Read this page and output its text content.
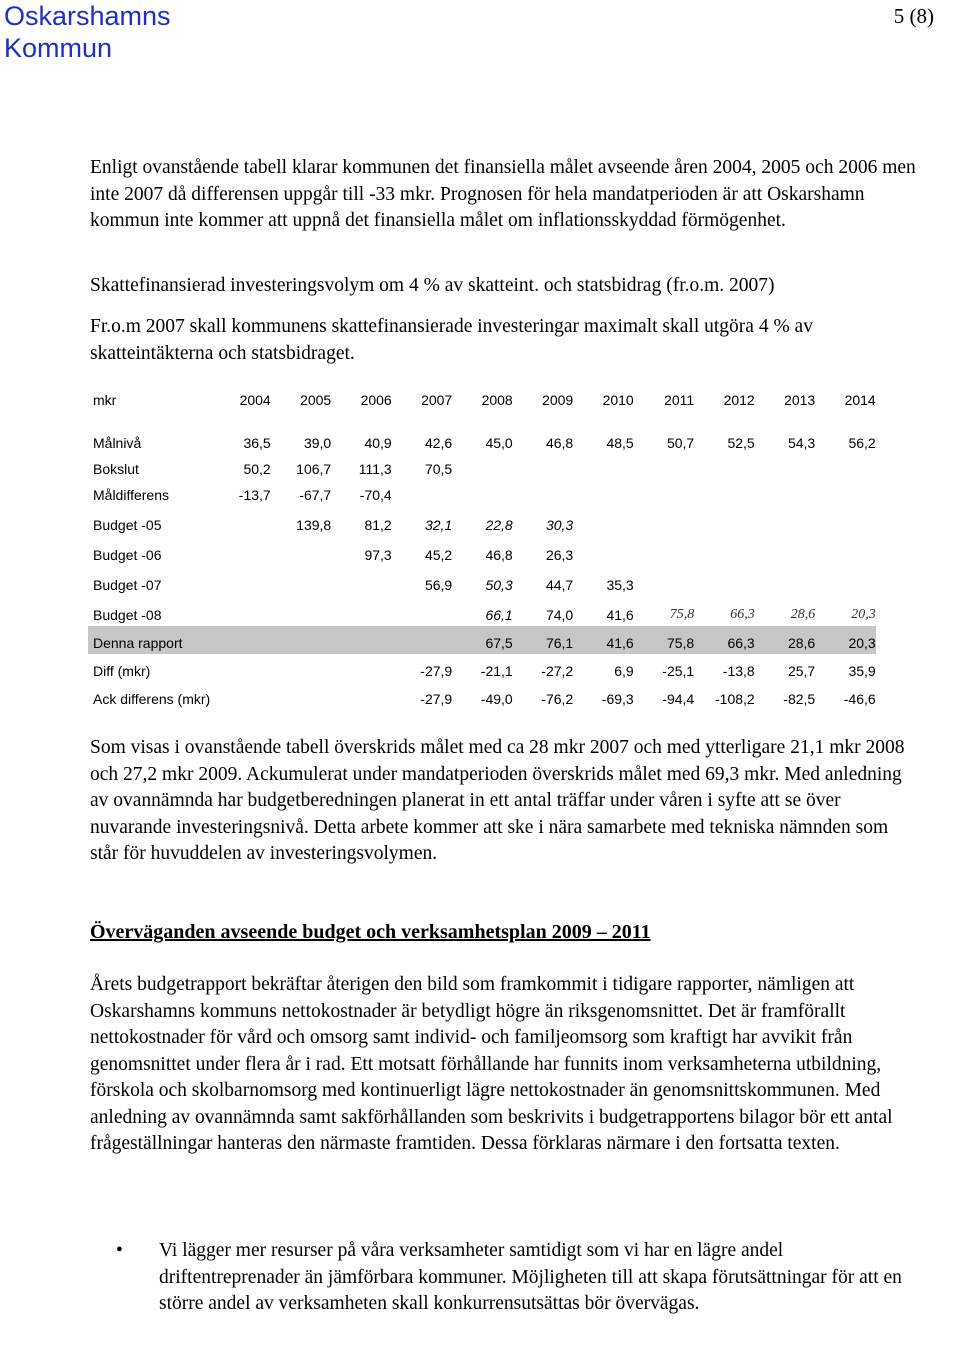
Oskarshamns
Kommun
5 (8)

Enligt ovanstående tabell klarar kommunen det finansiella målet avseende åren 2004, 2005 och 2006 men inte 2007 då differensen uppgår till -33 mkr. Prognosen för hela mandatperioden är att Oskarshamn kommun inte kommer att uppnå det finansiella målet om inflationsskyddad förmögenhet.

Skattefinansierad investeringsvolym om 4 % av skatteint. och statsbidrag (fr.o.m. 2007)

Fr.o.m 2007 skall kommunens skattefinansierade investeringar maximalt skall utgöra 4 % av skatteintäkterna och statsbidraget.

mkr	2004	2005	2006	2007	2008	2009	2010	2011	2012	2013	2014
Målnivå	36,5	39,0	40,9	42,6	45,0	46,8	48,5	50,7	52,5	54,3	56,2
Bokslut	50,2	106,7	111,3	70,5							
Måldifferens	-13,7	-67,7	-70,4								
Budget -05		139,8	81,2	32,1	22,8	30,3					
Budget -06			97,3	45,2	46,8	26,3					
Budget -07				56,9	50,3	44,7	35,3				
Budget -08					66,1	74,0	41,6	75,8	66,3	28,6	20,3
Denna rapport					67,5	76,1	41,6	75,8	66,3	28,6	20,3
Diff (mkr)				-27,9	-21,1	-27,2	6,9	-25,1	-13,8	25,7	35,9
Ack differens (mkr)				-27,9	-49,0	-76,2	-69,3	-94,4	-108,2	-82,5	-46,6

Som visas i ovanstående tabell överskrids målet med ca 28 mkr 2007 och med ytterligare 21,1 mkr 2008 och 27,2 mkr 2009. Ackumulerat under mandatperioden överskrids målet med 69,3 mkr. Med anledning av ovannämnda har budgetberedningen planerat in ett antal träffar under våren i syfte att se över nuvarande investeringsnivå. Detta arbete kommer att ske i nära samarbete med tekniska nämnden som står för huvuddelen av investeringsvolymen.

Överväganden avseende budget och verksamhetsplan 2009 – 2011

Årets budgetrapport bekräftar återigen den bild som framkommit i tidigare rapporter, nämligen att Oskarshamns kommuns nettokostnader är betydligt högre än riksgenomsnittet. Det är framförallt nettokostnader för vård och omsorg samt individ- och familjeomsorg som kraftigt har avvikit från genomsnittet under flera år i rad. Ett motsatt förhållande har funnits inom verksamheterna utbildning, förskola och skolbarnomsorg med kontinuerligt lägre nettokostnader än genomsnittskommunen. Med anledning av ovannämnda samt sakförhållanden som beskrivits i budgetrapportens bilagor bör ett antal frågeställningar hanteras den närmaste framtiden. Dessa förklaras närmare i den fortsatta texten.

• Vi lägger mer resurser på våra verksamheter samtidigt som vi har en lägre andel driftentreprenader än jämförbara kommuner. Möjligheten till att skapa förutsättningar för att en större andel av verksamheten skall konkurrensutsättas bör övervägas.
